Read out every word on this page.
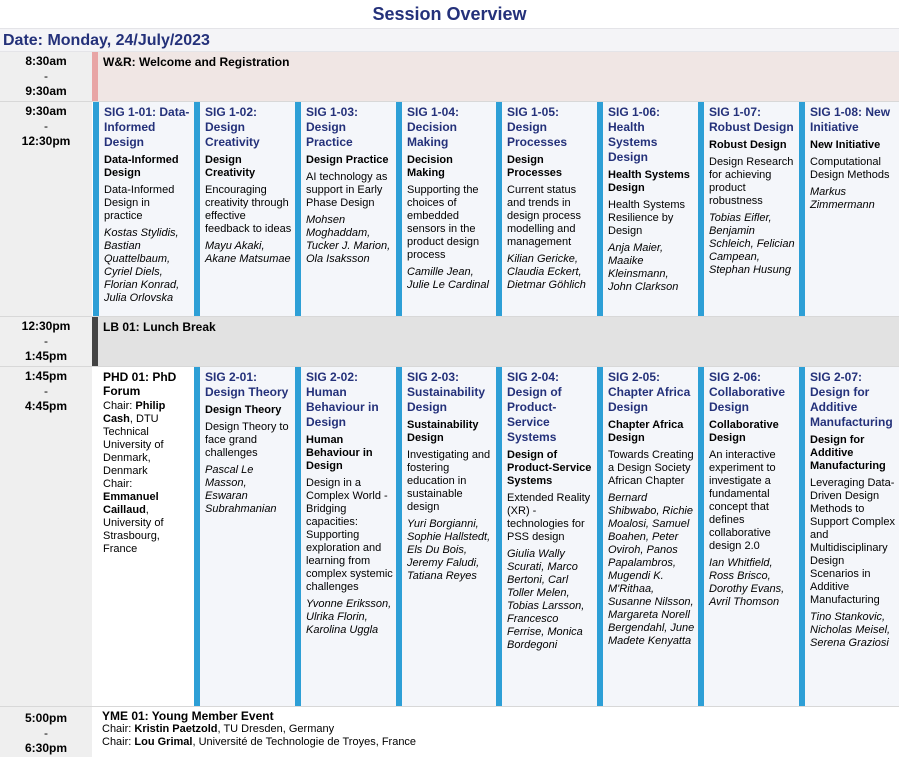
Session Overview
Date: Monday, 24/July/2023
8:30am
-
9:30am
W&R: Welcome and Registration
9:30am
-
12:30pm
SIG 1-01: Data-Informed Design
Data-Informed Design
Data-Informed Design in practice
Kostas Stylidis, Bastian Quattelbaum, Cyriel Diels, Florian Konrad, Julia Orlovska
SIG 1-02: Design Creativity
Design Creativity
Encouraging creativity through effective feedback to ideas
Mayu Akaki, Akane Matsumae
SIG 1-03: Design Practice
Design Practice
AI technology as support in Early Phase Design
Mohsen Moghaddam, Tucker J. Marion, Ola Isaksson
SIG 1-04: Decision Making
Decision Making
Supporting the choices of embedded sensors in the product design process
Camille Jean, Julie Le Cardinal
SIG 1-05: Design Processes
Design Processes
Current status and trends in design process modelling and management
Kilian Gericke, Claudia Eckert, Dietmar Göhlich
SIG 1-06: Health Systems Design
Health Systems Design
Health Systems Resilience by Design
Anja Maier, Maaike Kleinsmann, John Clarkson
SIG 1-07: Robust Design
Robust Design
Design Research for achieving product robustness
Tobias Eifler, Benjamin Schleich, Felician Campean, Stephan Husung
SIG 1-08: New Initiative
New Initiative
Computational Design Methods
Markus Zimmermann
12:30pm
-
1:45pm
LB 01: Lunch Break
1:45pm
-
4:45pm
PHD 01: PhD Forum
Chair: Philip Cash, DTU Technical University of Denmark, Denmark
Chair: Emmanuel Caillaud, University of Strasbourg, France
SIG 2-01: Design Theory
Design Theory
Design Theory to face grand challenges
Pascal Le Masson, Eswaran Subrahmanian
SIG 2-02: Human Behaviour in Design
Human Behaviour in Design
Design in a Complex World - Bridging capacities: Supporting exploration and learning from complex systemic challenges
Yvonne Eriksson, Ulrika Florin, Karolina Uggla
SIG 2-03: Sustainability Design
Sustainability Design
Investigating and fostering education in sustainable design
Yuri Borgianni, Sophie Hallstedt, Els Du Bois, Jeremy Faludi, Tatiana Reyes
SIG 2-04: Design of Product-Service Systems
Design of Product-Service Systems
Extended Reality (XR) - technologies for PSS design
Giulia Wally Scurati, Marco Bertoni, Carl Toller Melen, Tobias Larsson, Francesco Ferrise, Monica Bordegoni
SIG 2-05: Chapter Africa Design
Chapter Africa Design
Towards Creating a Design Society African Chapter
Bernard Shibwabo, Richie Moalosi, Samuel Boahen, Peter Oviroh, Panos Papalambros, Mugendi K. M'Rithaa, Susanne Nilsson, Margareta Norell Bergendahl, June Madete Kenyatta
SIG 2-06: Collaborative Design
Collaborative Design
An interactive experiment to investigate a fundamental concept that defines collaborative design 2.0
Ian Whitfield, Ross Brisco, Dorothy Evans, Avril Thomson
SIG 2-07: Design for Additive Manufacturing
Design for Additive Manufacturing
Leveraging Data-Driven Design Methods to Support Complex and Multidisciplinary Design Scenarios in Additive Manufacturing
Tino Stankovic, Nicholas Meisel, Serena Graziosi
5:00pm
-
6:30pm
YME 01: Young Member Event
Chair: Kristin Paetzold, TU Dresden, Germany
Chair: Lou Grimal, Université de Technologie de Troyes, France
